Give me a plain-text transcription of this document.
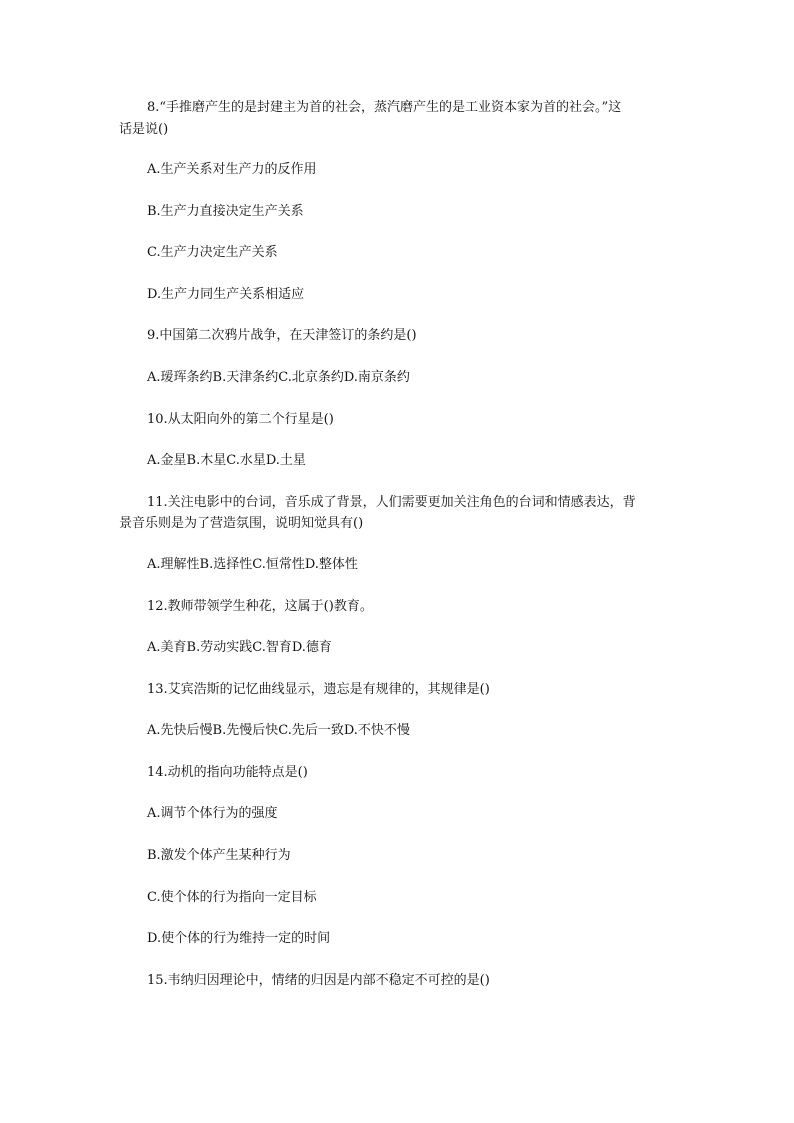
8.“手推磨产生的是封建主为首的社会，蒸汽磨产生的是工业资本家为首的社会。”这
话是说()
A.生产关系对生产力的反作用
B.生产力直接决定生产关系
C.生产力决定生产关系
D.生产力同生产关系相适应
9.中国第二次鸦片战争，在天津签订的条约是()
A.瑷珲条约B.天津条约C.北京条约D.南京条约
10.从太阳向外的第二个行星是()
A.金星B.木星C.水星D.土星
11.关注电影中的台词，音乐成了背景，人们需要更加关注角色的台词和情感表达，背
景音乐则是为了营造氛围，说明知觉具有()
A.理解性B.选择性C.恒常性D.整体性
12.教师带领学生种花，这属于()教育。
A.美育B.劳动实践C.智育D.德育
13.艾宾浩斯的记忆曲线显示，遗忘是有规律的，其规律是()
A.先快后慢B.先慢后快C.先后一致D.不快不慢
14.动机的指向功能特点是()
A.调节个体行为的强度
B.激发个体产生某种行为
C.使个体的行为指向一定目标
D.使个体的行为维持一定的时间
15.韦纳归因理论中，情绪的归因是内部不稳定不可控的是()
